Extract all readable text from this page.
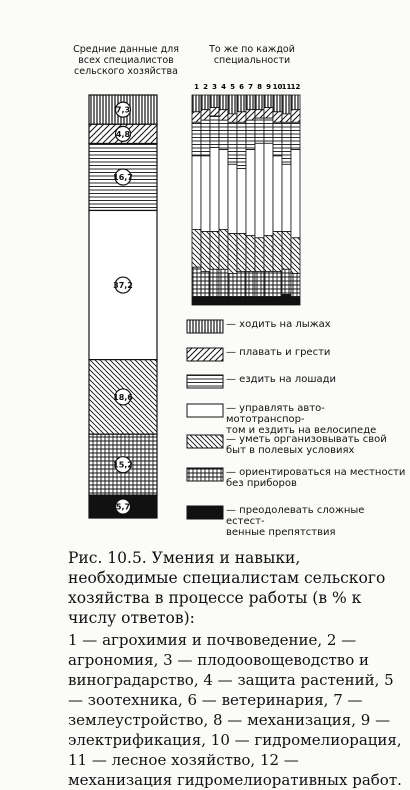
Средние данные для всех специалистов сельского хозяйства
То же по каждой специальности
7,3
4,8
16,7
37,2
18,6
15,2
5,7
1 2 3 4 5 6 7 8 9 10 11 12
— ходить на лыжах
— плавать и грести
— ездить на лошади
— управлять авто- мототранспор-
том и ездить на велосипеде
— уметь организовывать свой
быт в полевых условиях
— ориентироваться на местности
без приборов
— преодолевать сложные естест-
венные препятствия
Рис. 10.5. Умения и навыки, необходимые специалистам сельского хозяйства в процессе работы (в % к числу ответов):
1 — агрохимия и почвоведение, 2 — агрономия, 3 — плодоовощеводство и виноградарство, 4 — защита растений, 5 — зоотехника, 6 — ветеринария, 7 — землеустройство, 8 — механизация, 9 — электрификация, 10 — гидромелиорация, 11 — лесное хозяйство, 12 — механизация гидромелиоративных работ.
